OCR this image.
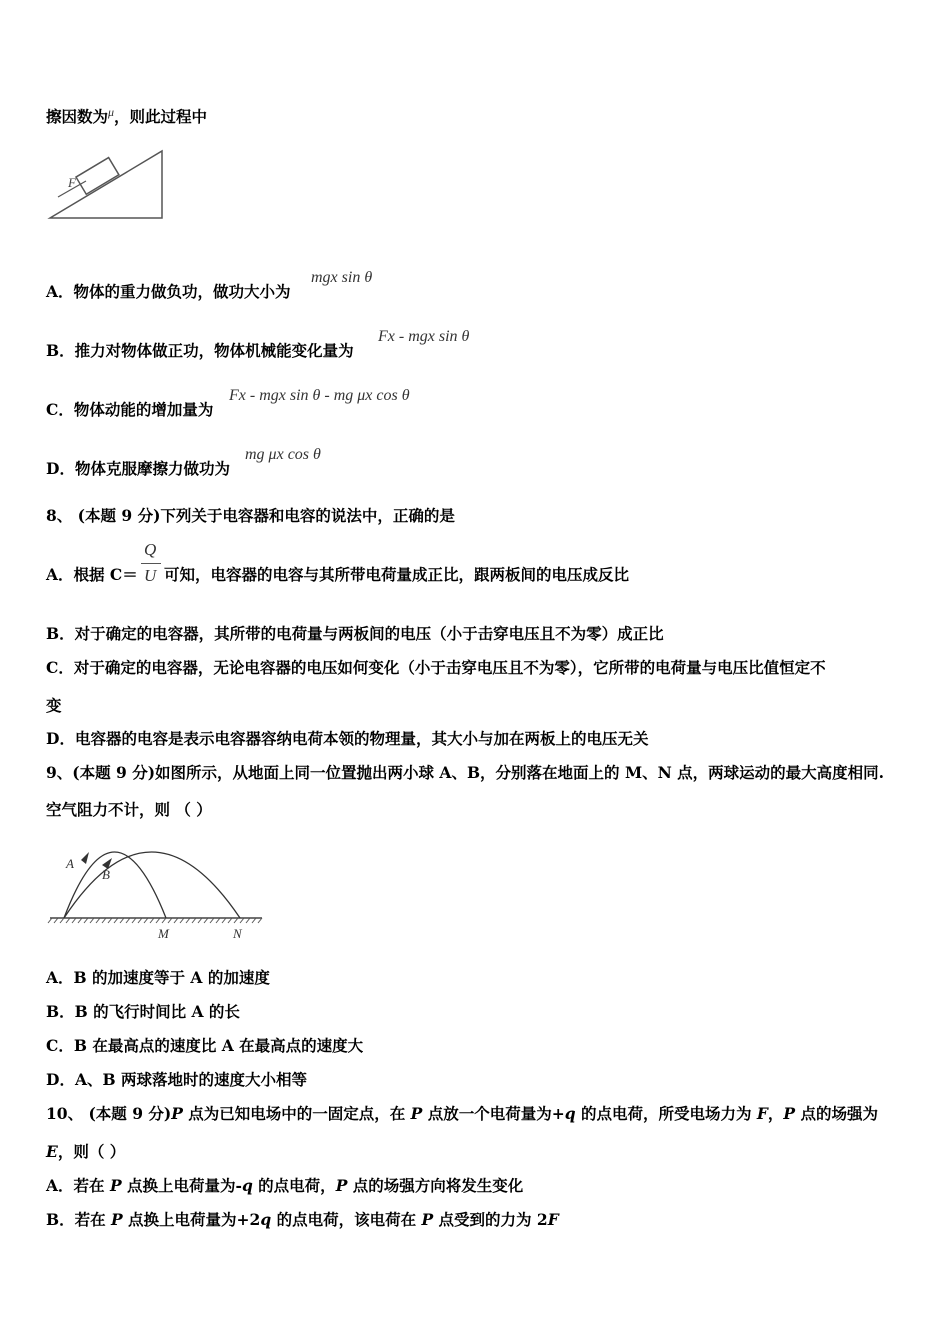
擦因数为$^\mu$，则此过程中
F
A．物体的重力做负功，做功大小为
mgx sin θ
B．推力对物体做正功，物体机械能变化量为
Fx - mgx sin θ
C．物体动能的增加量为
Fx - mgx sin θ - mg μx cos θ
D．物体克服摩擦力做功为
mg μx cos θ
8、 (本题 9 分)下列关于电容器和电容的说法中，正确的是
A．根据 C＝
Q
U 可知，电容器的电容与其所带电荷量成正比，跟两板间的电压成反比
B．对于确定的电容器，其所带的电荷量与两板间的电压（小于击穿电压且不为零）成正比
C．对于确定的电容器，无论电容器的电压如何变化（小于击穿电压且不为零），它所带的电荷量与电压比值恒定不
变
D．电容器的电容是表示电容器容纳电荷本领的物理量，其大小与加在两板上的电压无关
9、(本题 9 分)如图所示，从地面上同一位置抛出两小球 A、B，分别落在地面上的 M、N 点，两球运动的最大高度相同.
空气阻力不计，则 （ ）
A
B
M	N
A．B 的加速度等于 A 的加速度
B．B 的飞行时间比 A 的长
C．B 在最高点的速度比 A 在最高点的速度大
D．A、B 两球落地时的速度大小相等
10、 (本题 9 分)P 点为已知电场中的一固定点，在 P 点放一个电荷量为+q 的点电荷，所受电场力为 F，P 点的场强为
E，则（ ）
A．若在 P 点换上电荷量为-q 的点电荷，P 点的场强方向将发生变化
B．若在 P 点换上电荷量为+2q 的点电荷，该电荷在 P 点受到的力为 2F
